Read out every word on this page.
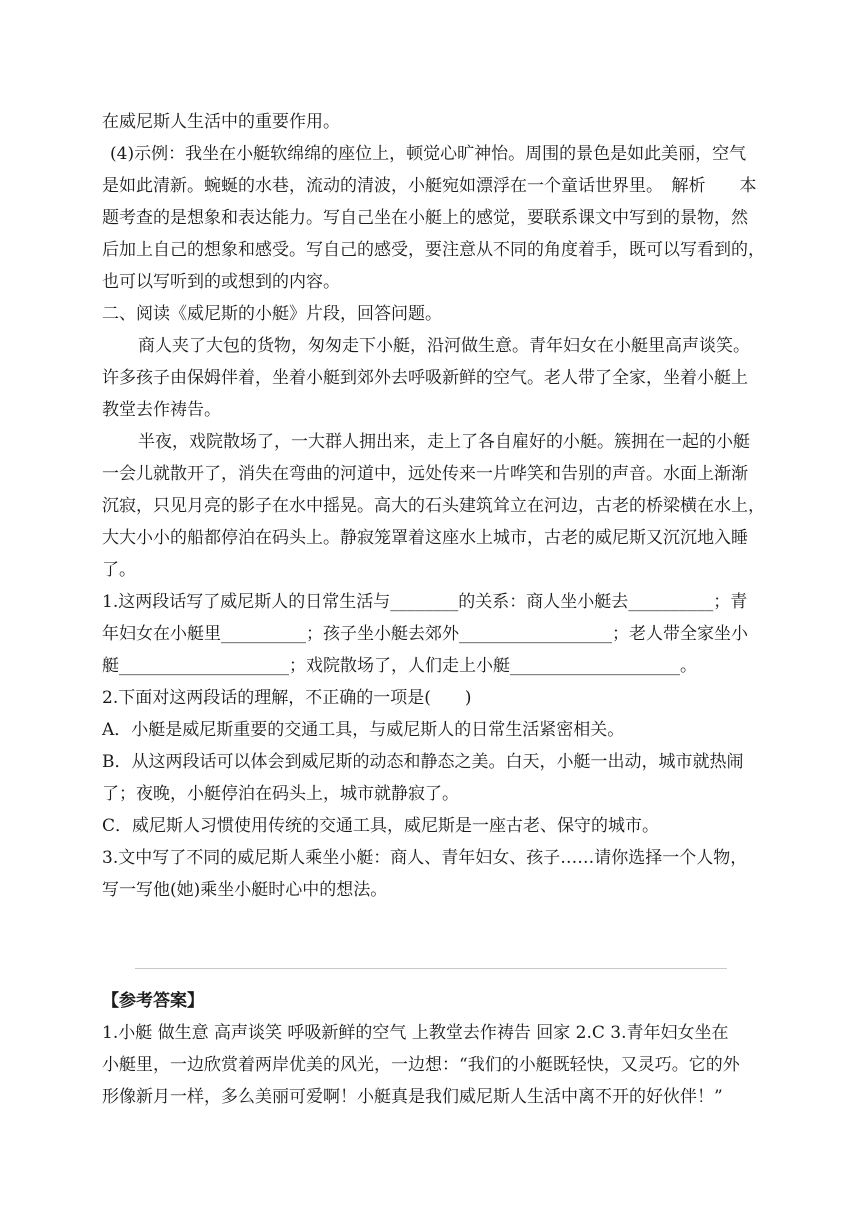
在威尼斯人生活中的重要作用。
(4)示例：我坐在小艇软绵绵的座位上，顿觉心旷神怡。周围的景色是如此美丽，空气
是如此清新。蜿蜒的水巷，流动的清波，小艇宛如漂浮在一个童话世界里。　解析　　本
题考查的是想象和表达能力。写自己坐在小艇上的感觉，要联系课文中写到的景物，然
后加上自己的想象和感受。写自己的感受，要注意从不同的角度着手，既可以写看到的，
也可以写听到的或想到的内容。
二、阅读《威尼斯的小艇》片段，回答问题。
商人夹了大包的货物，匆匆走下小艇，沿河做生意。青年妇女在小艇里高声谈笑。
许多孩子由保姆伴着，坐着小艇到郊外去呼吸新鲜的空气。老人带了全家，坐着小艇上
教堂去作祷告。
半夜，戏院散场了，一大群人拥出来，走上了各自雇好的小艇。簇拥在一起的小艇
一会儿就散开了，消失在弯曲的河道中，远处传来一片哗笑和告别的声音。水面上渐渐
沉寂，只见月亮的影子在水中摇晃。高大的石头建筑耸立在河边，古老的桥梁横在水上，
大大小小的船都停泊在码头上。静寂笼罩着这座水上城市，古老的威尼斯又沉沉地入睡
了。
1.这两段话写了威尼斯人的日常生活与________的关系：商人坐小艇去__________；青
年妇女在小艇里__________；孩子坐小艇去郊外__________________；老人带全家坐小
艇____________________；戏院散场了，人们走上小艇____________________。
2.下面对这两段话的理解，不正确的一项是(　　)
A．小艇是威尼斯重要的交通工具，与威尼斯人的日常生活紧密相关。
B．从这两段话可以体会到威尼斯的动态和静态之美。白天，小艇一出动，城市就热闹
了；夜晚，小艇停泊在码头上，城市就静寂了。
C．威尼斯人习惯使用传统的交通工具，威尼斯是一座古老、保守的城市。
3.文中写了不同的威尼斯人乘坐小艇：商人、青年妇女、孩子……请你选择一个人物，
写一写他(她)乘坐小艇时心中的想法。
【参考答案】
1.小艇 做生意 高声谈笑 呼吸新鲜的空气 上教堂去作祷告 回家 2.C 3.青年妇女坐在
小艇里，一边欣赏着两岸优美的风光，一边想：“我们的小艇既轻快，又灵巧。它的外
形像新月一样，多么美丽可爱啊！小艇真是我们威尼斯人生活中离不开的好伙伴！”
